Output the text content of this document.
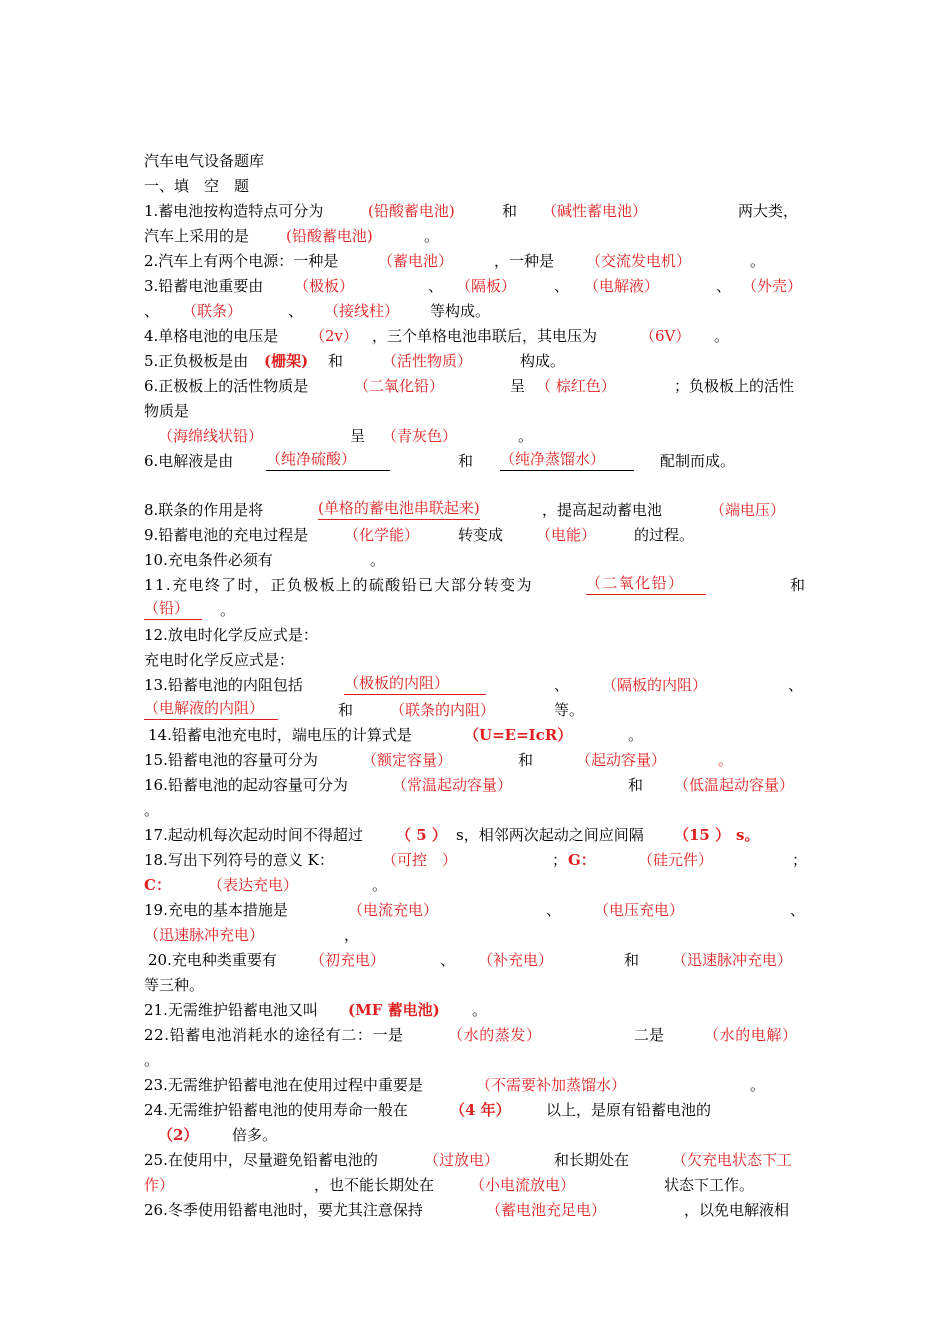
汽车电气设备题库
一、填　空　题
1.蓄电池按构造特点可分为	(铅酸蓄电池)	和 （碱性蓄电池）	两大类，
汽车上采用的是 (铅酸蓄电池)	。
2.汽车上有两个电源：一种是	（蓄电池）	，一种是 （交流发电机）	。
3.铅蓄电池重要由 （极板）	、 （隔板）	、 （电解液）	、 （外壳）
、 （联条）	、 （接线柱） 等构成。
4.单格电池的电压是 （2v） ，三个单格电池串联后，其电压为	（6V） 。
5.正负极板是由 (栅架) 和	（活性物质）	构成。
6.正极板上的活性物质是	（二氧化铅）	呈 （ 棕红色）	；负极板上的活性
物质是
（海绵线状铅）	呈 （青灰色）	。
6.电解液是由 （纯净硫酸）	和 （纯净蒸馏水）	配制而成。
8.联条的作用是将	(单格的蓄电池串联起来)	，提高起动蓄电池	（端电压）
9.铅蓄电池的充电过程是 （化学能）	转变成 （电能）	的过程。
10.充电条件必须有	。
11.充电终了时，正负极板上的硫酸铅已大部分转变为	（二氧化铅）	和
（铅）	。
12.放电时化学反应式是：
充电时化学反应式是：
13.铅蓄电池的内阻包括	（极板的内阻）	、 （隔板的内阻）	、
（电解液的内阻）	和 （联条的内阻）	等。
14.铅蓄电池充电时，端电压的计算式是	（U=E=IcR）	。
15.铅蓄电池的容量可分为	（额定容量）	和	（起动容量）	。
16.铅蓄电池的起动容量可分为	（常温起动容量）	和 （低温起动容量）
。
17.起动机每次起动时间不得超过 （ 5 ） s，相邻两次起动之间应间隔 （15 ） s。
18.写出下列符号的意义 K：	（可控　）	； G：	（硅元件）	；
C： （表达充电）	。
19.充电的基本措施是	（电流充电）	、 （电压充电）	、
（迅速脉冲充电）	，
20.充电种类重要有 （初充电）	、 （补充电）	和 （迅速脉冲充电）
等三种。
21.无需维护铅蓄电池又叫 (MF 蓄电池) 。
22.铅蓄电池消耗水的途径有二：一是	（水的蒸发）	二是	（水的电解）
。
23.无需维护铅蓄电池在使用过程中重要是	（不需要补加蒸馏水）	。
24.无需维护铅蓄电池的使用寿命一般在	（4 年） 以上，是原有铅蓄电池的
（2） 倍多。
25.在使用中，尽量避免铅蓄电池的	（过放电）	和长期处在	（欠充电状态下工
作）	，也不能长期处在 （小电流放电）	状态下工作。
26.冬季使用铅蓄电池时，要尤其注意保持	（蓄电池充足电）	，以免电解液相
